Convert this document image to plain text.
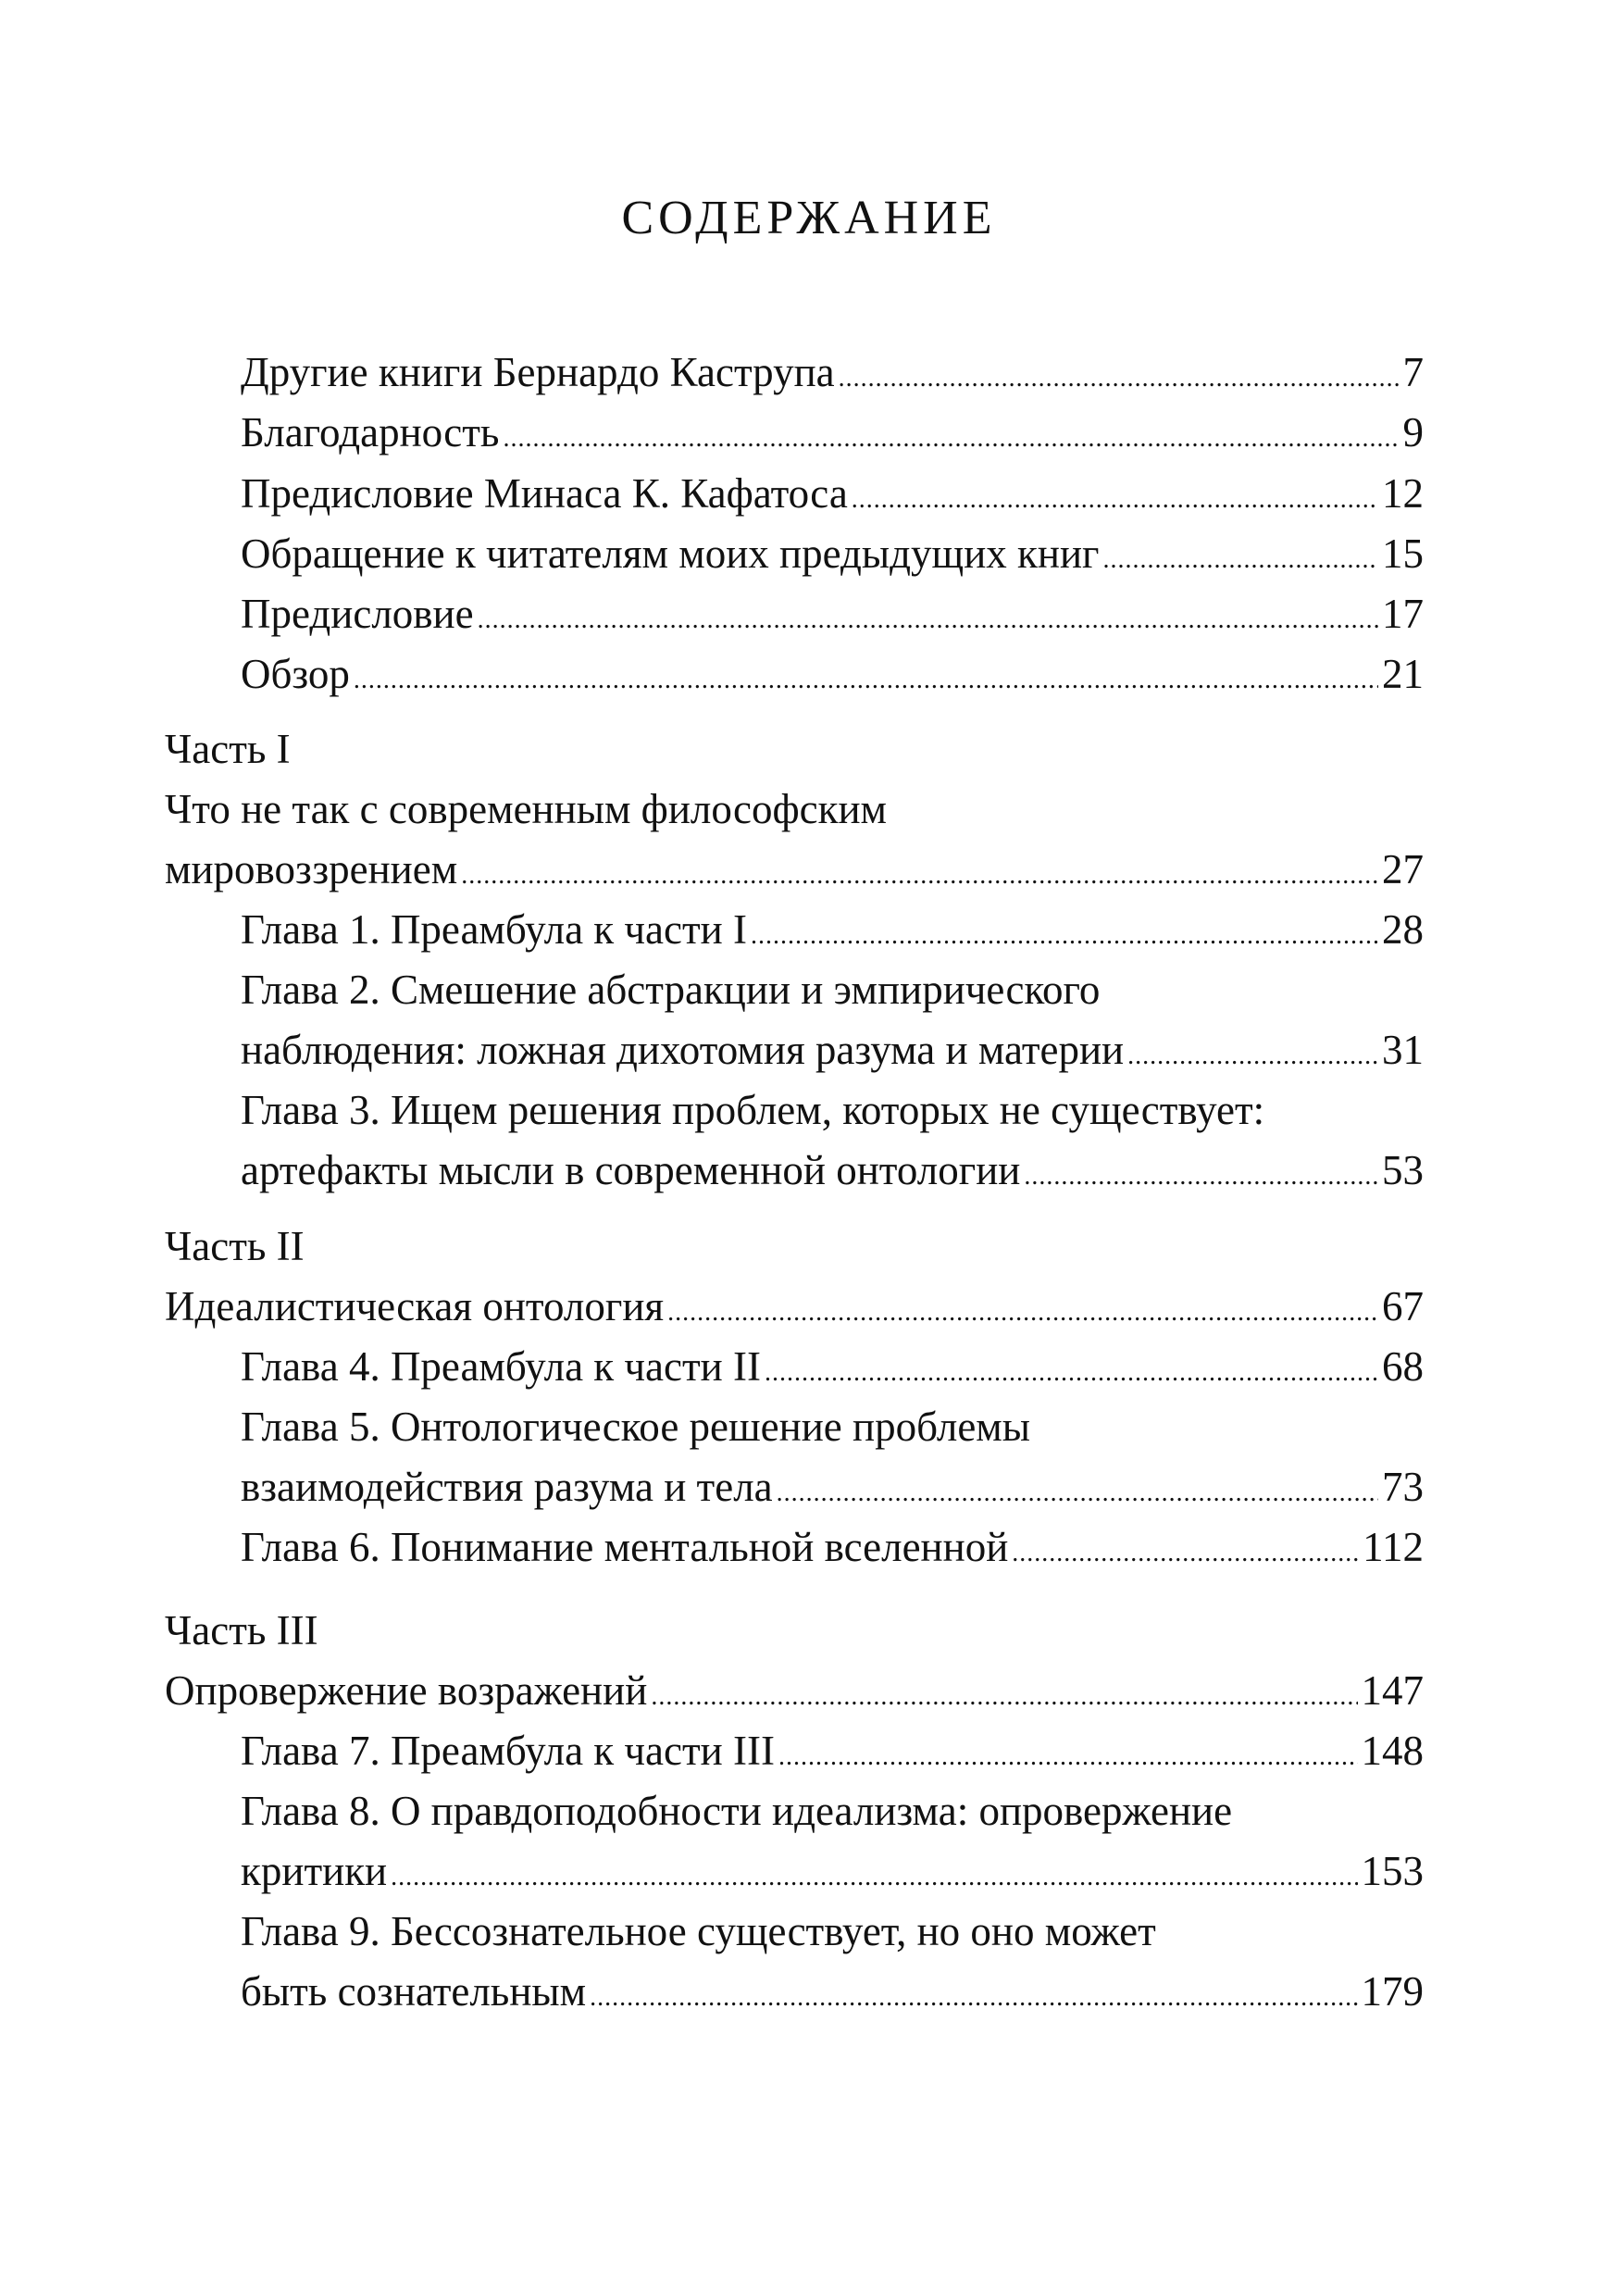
СОДЕРЖАНИЕ
Другие книги Бернардо Каструпа .....	7
Благодарность .....	9
Предисловие Минаса К. Кафатоса .....	12
Обращение к читателям моих предыдущих книг .....	15
Предисловие .....	17
Обзор .....	21
Часть I
Что не так с современным философским
мировоззрением .....	27
Глава 1. Преамбула к части I .....	28
Глава 2. Смешение абстракции и эмпирического
наблюдения: ложная дихотомия разума и материи .....	31
Глава 3. Ищем решения проблем, которых не существует:
артефакты мысли в современной онтологии .....	53
Часть II
Идеалистическая онтология .....	67
Глава 4. Преамбула к части II .....	68
Глава 5. Онтологическое решение проблемы
взаимодействия разума и тела .....	73
Глава 6. Понимание ментальной вселенной .....	112
Часть III
Опровержение возражений .....	147
Глава 7. Преамбула к части III .....	148
Глава 8. О правдоподобности идеализма: опровержение
критики .....	153
Глава 9. Бессознательное существует, но оно может
быть сознательным .....	179
